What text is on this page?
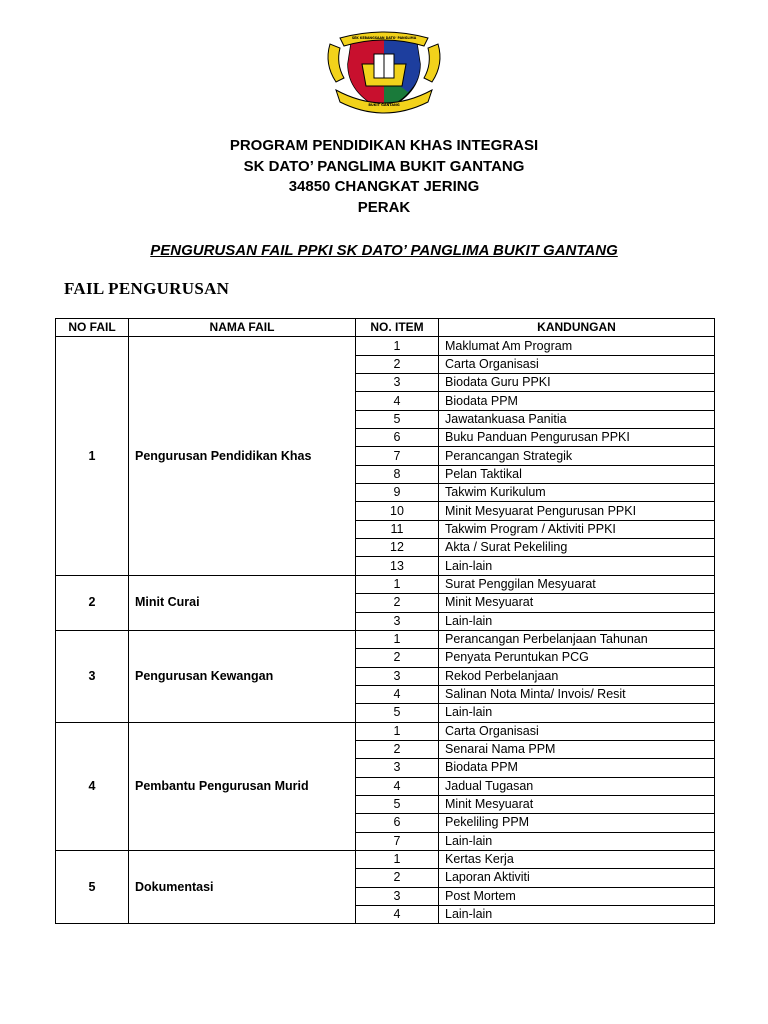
SEK KEBANGSAAN DATO' PANGLIMA
BUKIT GANTANG
PROGRAM PENDIDIKAN KHAS INTEGRASI
SK DATO’ PANGLIMA BUKIT GANTANG
34850 CHANGKAT JERING
PERAK
PENGURUSAN FAIL PPKI SK DATO’ PANGLIMA BUKIT GANTANG
FAIL PENGURUSAN
NO FAIL	NAMA FAIL	NO. ITEM	KANDUNGAN
1	Pengurusan Pendidikan Khas	1	Maklumat Am Program
		2	Carta Organisasi
		3	Biodata Guru PPKI
		4	Biodata PPM
		5	Jawatankuasa Panitia
		6	Buku Panduan Pengurusan PPKI
		7	Perancangan Strategik
		8	Pelan Taktikal
		9	Takwim Kurikulum
		10	Minit Mesyuarat Pengurusan PPKI
		11	Takwim Program / Aktiviti PPKI
		12	Akta / Surat Pekeliling
		13	Lain-lain
2	Minit Curai	1	Surat Penggilan Mesyuarat
		2	Minit Mesyuarat
		3	Lain-lain
3	Pengurusan Kewangan	1	Perancangan Perbelanjaan Tahunan
		2	Penyata Peruntukan PCG
		3	Rekod Perbelanjaan
		4	Salinan Nota Minta/ Invois/ Resit
		5	Lain-lain
4	Pembantu Pengurusan Murid	1	Carta Organisasi
		2	Senarai Nama PPM
		3	Biodata PPM
		4	Jadual Tugasan
		5	Minit Mesyuarat
		6	Pekeliling PPM
		7	Lain-lain
5	Dokumentasi	1	Kertas Kerja
		2	Laporan Aktiviti
		3	Post Mortem
		4	Lain-lain
